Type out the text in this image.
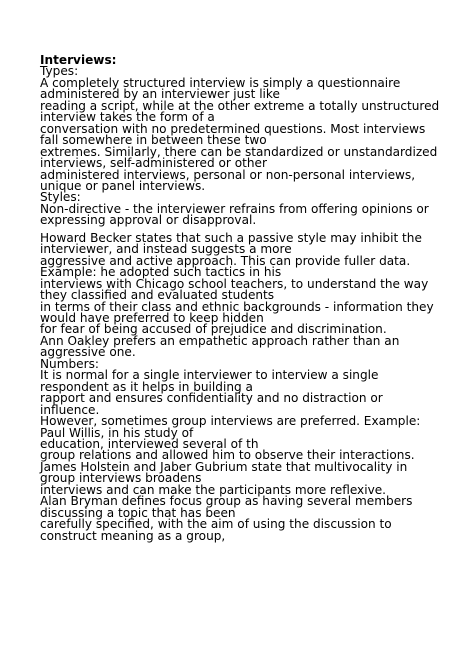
Interviews:
Types:
A completely structured interview is simply a questionnaire
administered by an interviewer just like
reading a script, while at the other extreme a totally unstructured
interview takes the form of a
conversation with no predetermined questions. Most interviews
fall somewhere in between these two
extremes. Similarly, there can be standardized or unstandardized
interviews, self-administered or other
administered interviews, personal or non-personal interviews,
unique or panel interviews.
Styles:
Non-directive - the interviewer refrains from offering opinions or
expressing approval or disapproval.
Howard Becker states that such a passive style may inhibit the
interviewer, and instead suggests a more
aggressive and active approach. This can provide fuller data.
Example: he adopted such tactics in his
interviews with Chicago school teachers, to understand the way
they classified and evaluated students
in terms of their class and ethnic backgrounds - information they
would have preferred to keep hidden
for fear of being accused of prejudice and discrimination.
Ann Oakley prefers an empathetic approach rather than an
aggressive one.
Numbers:
It is normal for a single interviewer to interview a single
respondent as it helps in building a
rapport and ensures confidentiality and no distraction or
influence.
However, sometimes group interviews are preferred. Example:
Paul Willis, in his study of
education, interviewed several of th
group relations and allowed him to observe their interactions.
James Holstein and Jaber Gubrium state that multivocality in
group interviews broadens
interviews and can make the participants more reflexive.
Alan Bryman defines focus group as having several members
discussing a topic that has been
carefully specified, with the aim of using the discussion to
construct meaning as a group,
